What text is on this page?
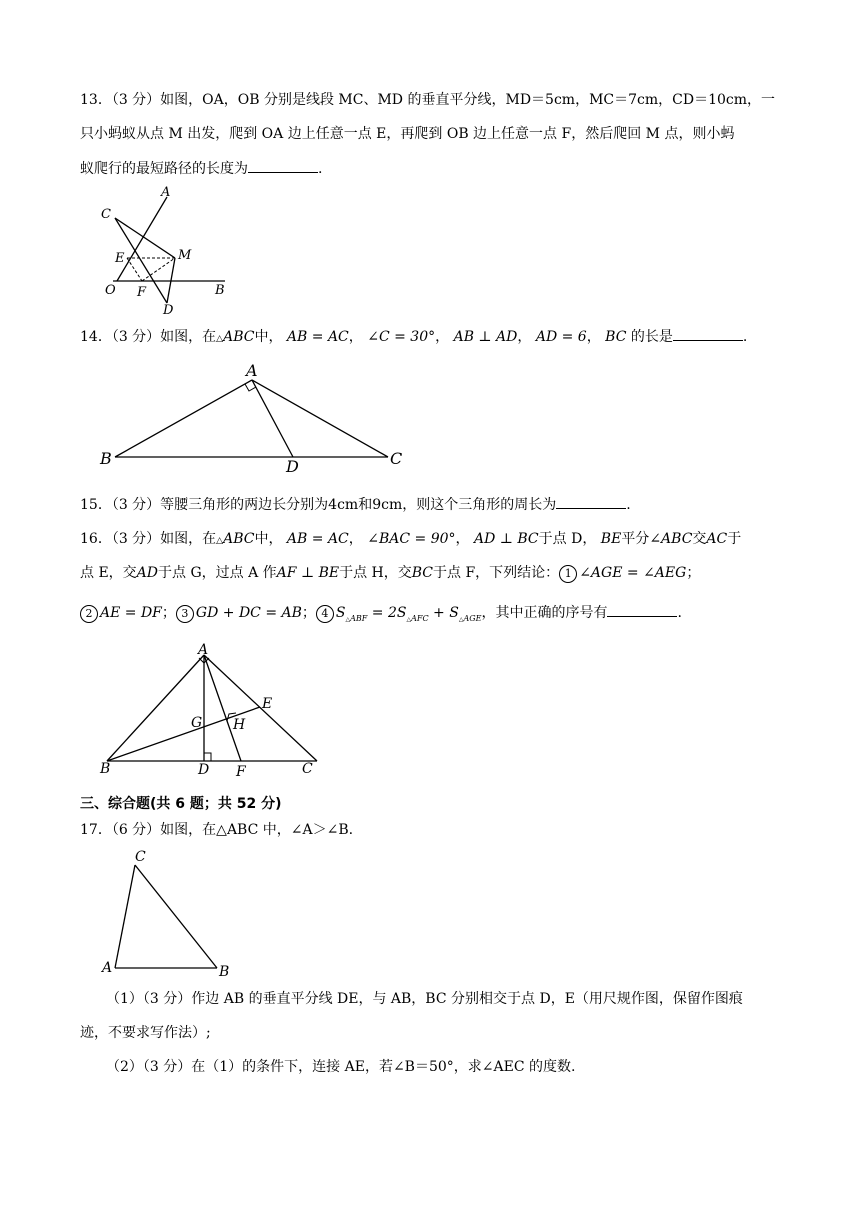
13．（3 分）如图，OA，OB 分别是线段 MC、MD 的垂直平分线，MD＝5cm，MC＝7cm，CD＝10cm，一
只小蚂蚁从点 M 出发，爬到 OA 边上任意一点 E，再爬到 OB 边上任意一点 F，然后爬回 M 点，则小蚂
蚁爬行的最短路径的长度为	.
A
C
E	M
O F	B
D
14．（3 分）如图，在△ABC中， AB = AC， ∠C = 30°， AB ⊥ AD， AD = 6， BC 的长是	.
A
B	D	C
15．（3 分）等腰三角形的两边长分别为4cm和9cm，则这个三角形的周长为	.
16．（3 分）如图，在△ABC中， AB = AC， ∠BAC = 90°， AD ⊥ BC于点 D， BE平分∠ABC交AC于
点 E，交AD于点 G，过点 A 作AF ⊥ BE于点 H，交BC于点 F，下列结论： 1 ∠AGE = ∠AEG；
2 AE = DF； 3 GD + DC = AB； 4 $S_{\triangle ABF} = 2S_{\triangle AFC} + S_{\triangle AGE}$，其中正确的序号有	.
A
E
G H
B	D F	C
三、综合题(共 6 题；共 52 分)
17．（6 分）如图，在△ABC 中，∠A＞∠B.
C
A	B
（1）（3 分）作边 AB 的垂直平分线 DE，与 AB，BC 分别相交于点 D，E（用尺规作图，保留作图痕
迹，不要求写作法）;
（2）（3 分）在（1）的条件下，连接 AE，若∠B＝50°，求∠AEC 的度数.
